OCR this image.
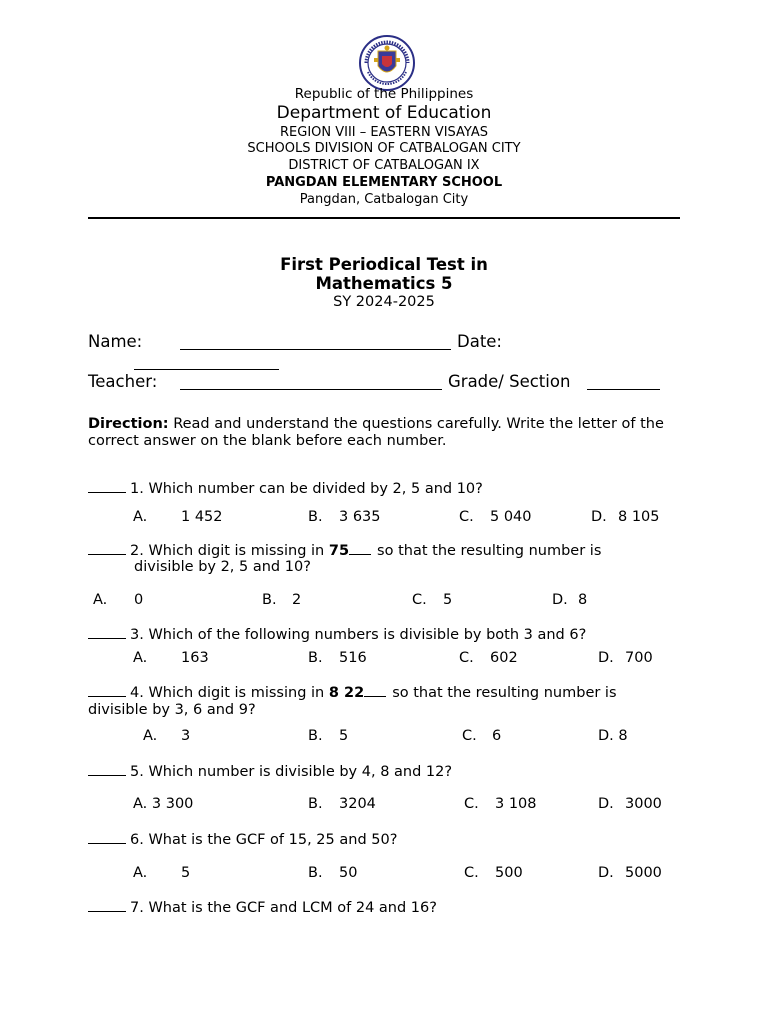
Republic of the Philippines
Department of Education
REGION VIII – EASTERN VISAYAS
SCHOOLS DIVISION OF CATBALOGAN CITY
DISTRICT OF CATBALOGAN IX
PANGDAN ELEMENTARY SCHOOL
Pangdan, Catbalogan City
First Periodical Test in
Mathematics 5
SY 2024-2025
Name:	Date:
Teacher:	Grade/ Section
Direction: Read and understand the questions carefully. Write the letter of the correct answer on the blank before each number.
1. Which number can be divided by 2, 5 and 10?
A. 1 452	B. 3 635	C. 5 040	D. 8 105
2. Which digit is missing in 75 so that the resulting number is
divisible by 2, 5 and 10?
A. 0	B. 2	C. 5	D. 8
3. Which of the following numbers is divisible by both 3 and 6?
A. 163	B. 516	C. 602	D. 700
4. Which digit is missing in 8 22 so that the resulting number is
divisible by 3, 6 and 9?
A. 3	B. 5	C. 6	D. 8
5. Which number is divisible by 4, 8 and 12?
A. 3 300	B. 3204	C. 3 108	D. 3000
6. What is the GCF of 15, 25 and 50?
A. 5	B. 50	C. 500	D. 5000
7. What is the GCF and LCM of 24 and 16?
